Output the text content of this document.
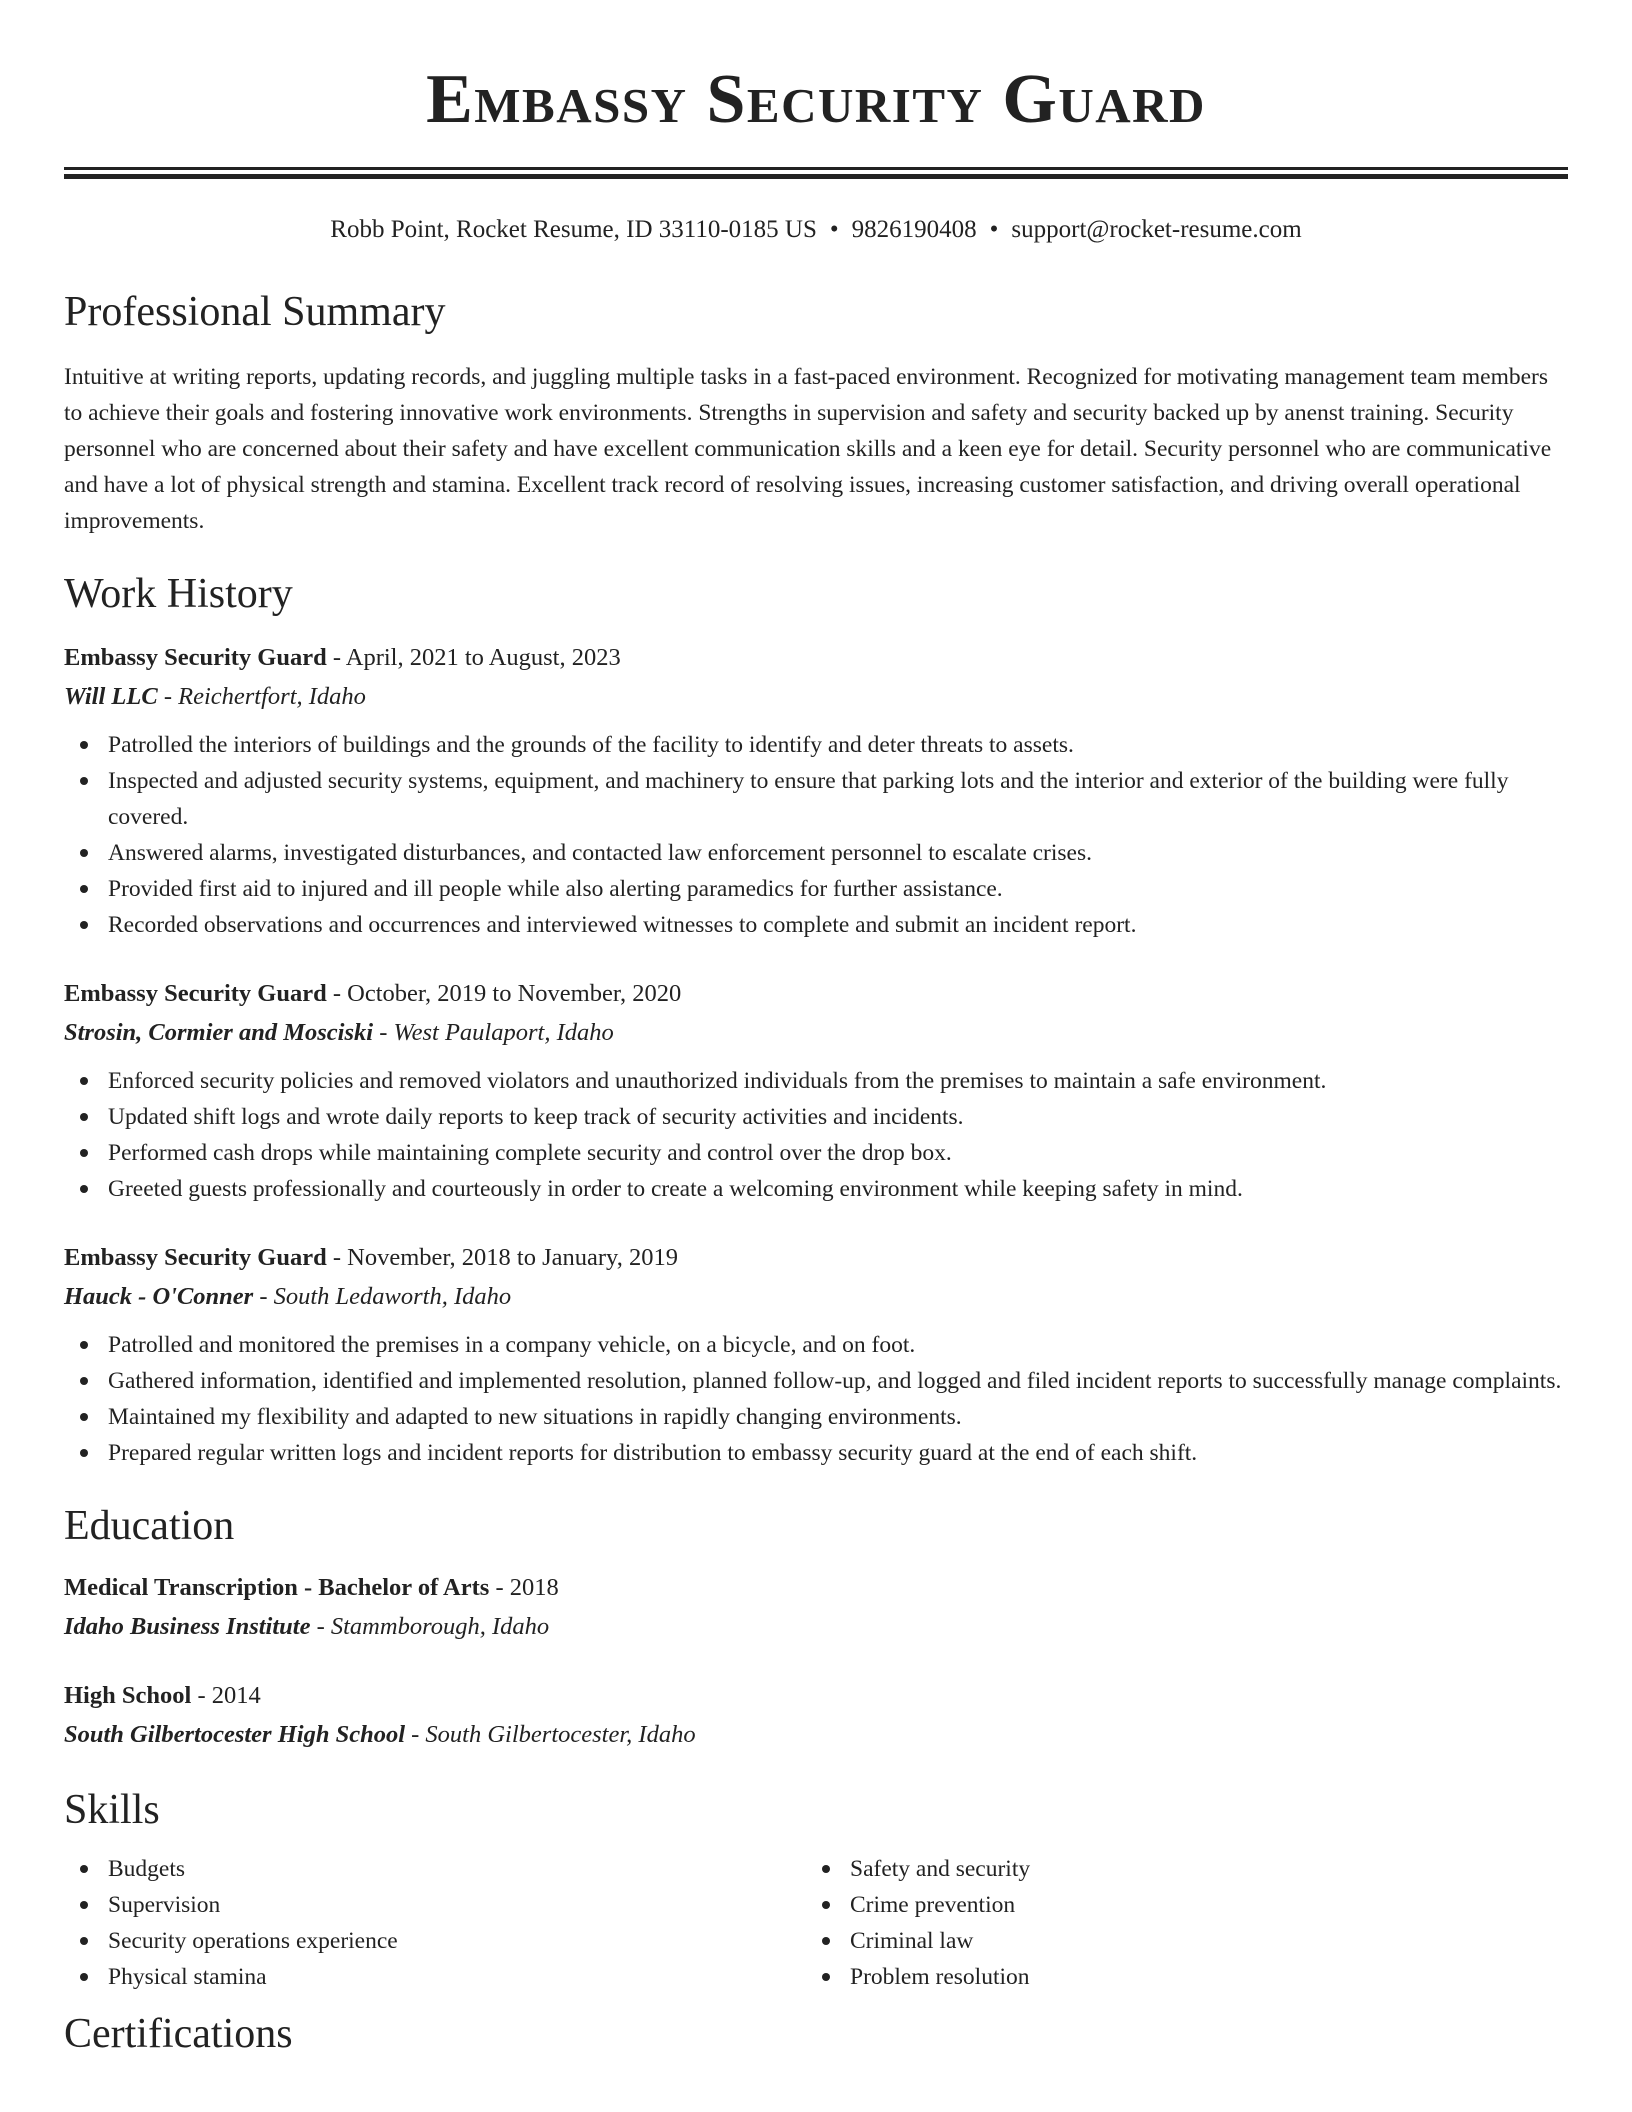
Embassy Security Guard
Robb Point, Rocket Resume, ID 33110-0185 US • 9826190408 • support@rocket-resume.com
Professional Summary

Intuitive at writing reports, updating records, and juggling multiple tasks in a fast-paced environment. Recognized for motivating management team members to achieve their goals and fostering innovative work environments. Strengths in supervision and safety and security backed up by anenst training. Security personnel who are concerned about their safety and have excellent communication skills and a keen eye for detail. Security personnel who are communicative and have a lot of physical strength and stamina. Excellent track record of resolving issues, increasing customer satisfaction, and driving overall operational improvements.

Work History
Embassy Security Guard - April, 2021 to August, 2023
Will LLC - Reichertfort, Idaho
Patrolled the interiors of buildings and the grounds of the facility to identify and deter threats to assets.
Inspected and adjusted security systems, equipment, and machinery to ensure that parking lots and the interior and exterior of the building were fully covered.
Answered alarms, investigated disturbances, and contacted law enforcement personnel to escalate crises.
Provided first aid to injured and ill people while also alerting paramedics for further assistance.
Recorded observations and occurrences and interviewed witnesses to complete and submit an incident report.
Embassy Security Guard - October, 2019 to November, 2020
Strosin, Cormier and Mosciski - West Paulaport, Idaho
Enforced security policies and removed violators and unauthorized individuals from the premises to maintain a safe environment.
Updated shift logs and wrote daily reports to keep track of security activities and incidents.
Performed cash drops while maintaining complete security and control over the drop box.
Greeted guests professionally and courteously in order to create a welcoming environment while keeping safety in mind.
Embassy Security Guard - November, 2018 to January, 2019
Hauck - O'Conner - South Ledaworth, Idaho
Patrolled and monitored the premises in a company vehicle, on a bicycle, and on foot.
Gathered information, identified and implemented resolution, planned follow-up, and logged and filed incident reports to successfully manage complaints.
Maintained my flexibility and adapted to new situations in rapidly changing environments.
Prepared regular written logs and incident reports for distribution to embassy security guard at the end of each shift.
Education
Medical Transcription - Bachelor of Arts - 2018
Idaho Business Institute - Stammborough, Idaho
High School - 2014
South Gilbertocester High School - South Gilbertocester, Idaho
Skills
Budgets
Supervision
Security operations experience
Physical stamina
Safety and security
Crime prevention
Criminal law
Problem resolution
Certifications
